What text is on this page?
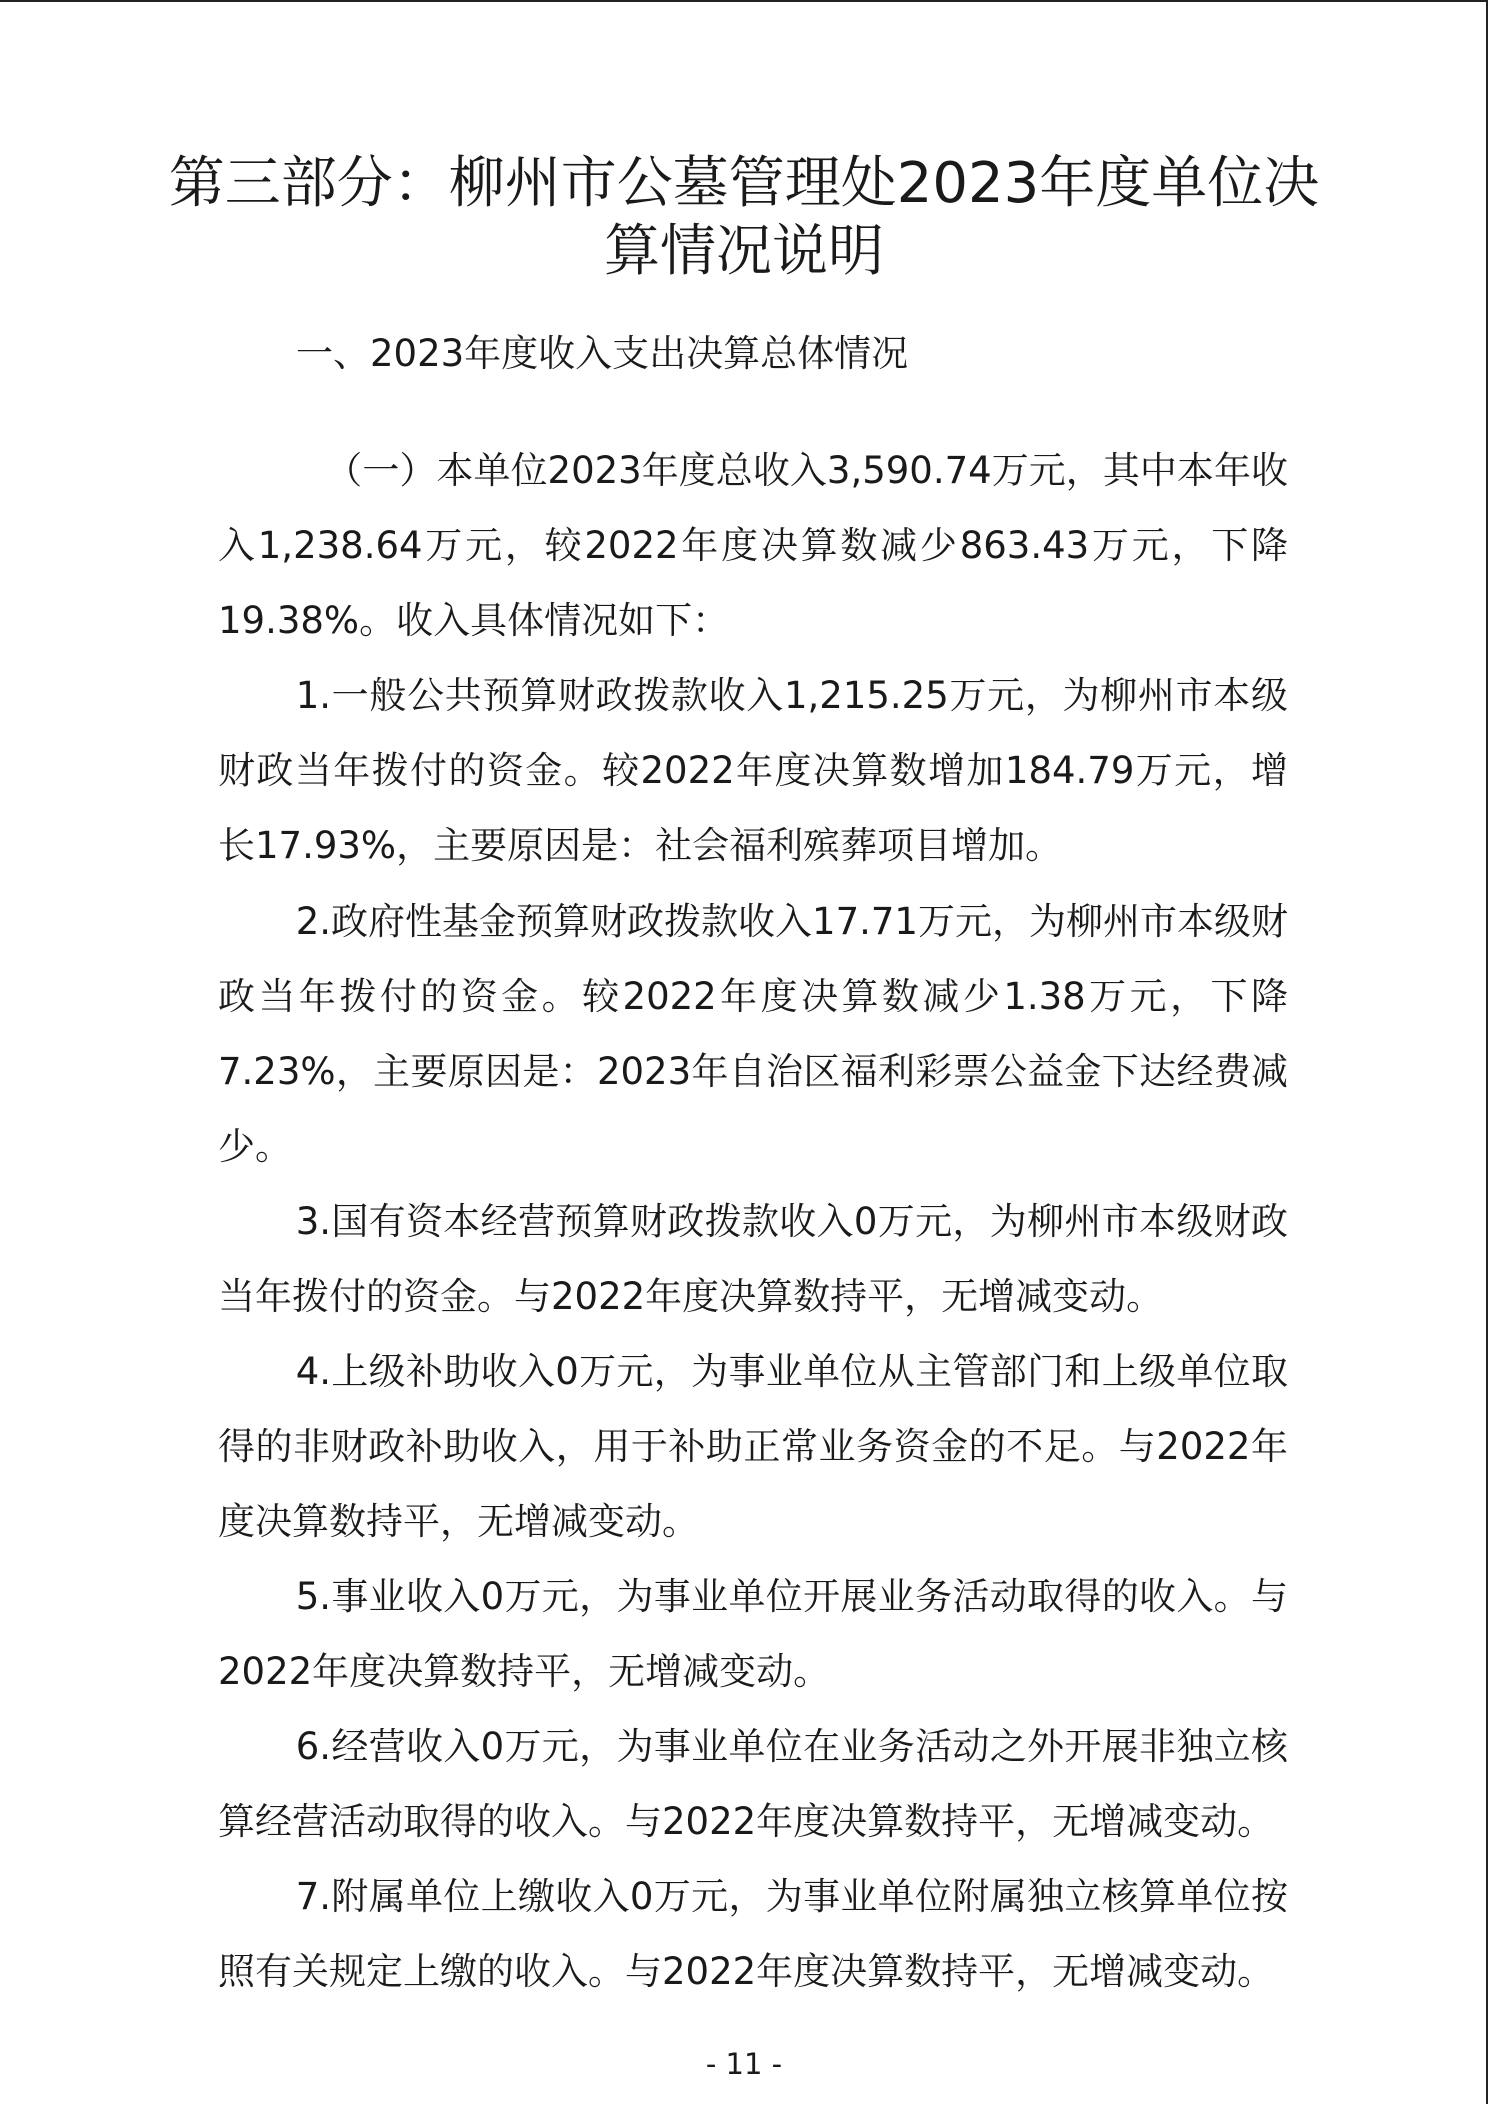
第三部分：柳州市公墓管理处2023年度单位决算情况说明

一、2023年度收入支出决算总体情况

（一）本单位2023年度总收入3,590.74万元，其中本年收入1,238.64万元，较2022年度决算数减少863.43万元，下降19.38%。收入具体情况如下：

1.一般公共预算财政拨款收入1,215.25万元，为柳州市本级财政当年拨付的资金。较2022年度决算数增加184.79万元，增长17.93%，主要原因是：社会福利殡葬项目增加。

2.政府性基金预算财政拨款收入17.71万元，为柳州市本级财政当年拨付的资金。较2022年度决算数减少1.38万元，下降7.23%，主要原因是：2023年自治区福利彩票公益金下达经费减少。

3.国有资本经营预算财政拨款收入0万元，为柳州市本级财政当年拨付的资金。与2022年度决算数持平，无增减变动。

4.上级补助收入0万元，为事业单位从主管部门和上级单位取得的非财政补助收入，用于补助正常业务资金的不足。与2022年度决算数持平，无增减变动。

5.事业收入0万元，为事业单位开展业务活动取得的收入。与2022年度决算数持平，无增减变动。

6.经营收入0万元，为事业单位在业务活动之外开展非独立核算经营活动取得的收入。与2022年度决算数持平，无增减变动。

7.附属单位上缴收入0万元，为事业单位附属独立核算单位按照有关规定上缴的收入。与2022年度决算数持平，无增减变动。

- 11 -
